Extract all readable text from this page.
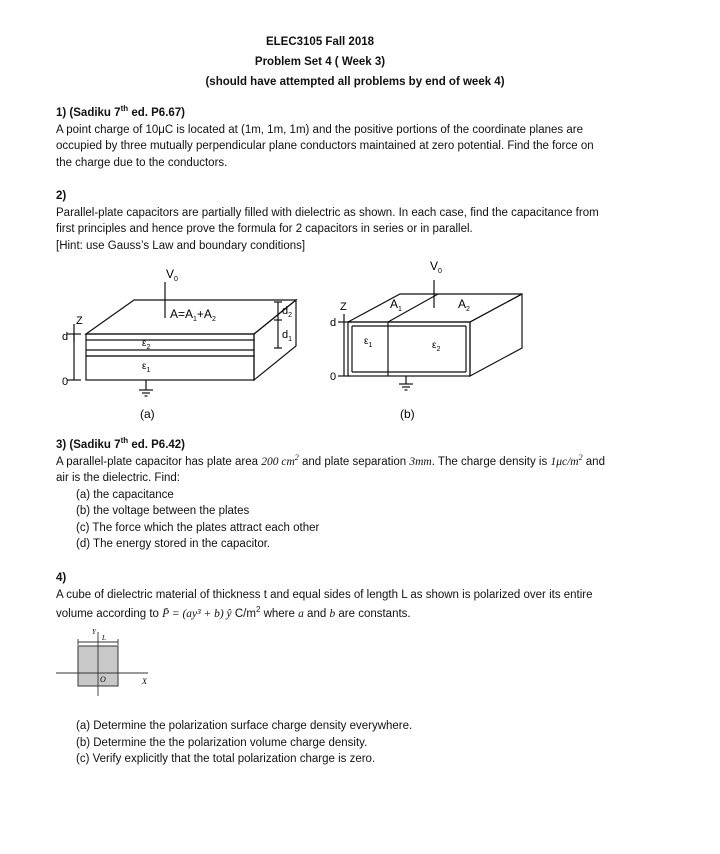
ELEC3105 Fall 2018
Problem Set 4 ( Week 3)
(should have attempted all problems by end of week 4)
1) (Sadiku 7th ed. P6.67)
A point charge of 10μC is located at (1m, 1m, 1m) and the positive portions of the coordinate planes are
occupied by three mutually perpendicular plane conductors maintained at zero potential. Find the force on
the charge due to the conductors.
2)
Parallel-plate capacitors are partially filled with dielectric as shown. In each case, find the capacitance from
first principles and hence prove the formula for 2 capacitors in series or in parallel.
[Hint: use Gauss’s Law and boundary conditions]
$V_0$
$A=A_1+A_2$
Z
d
0
$\varepsilon_2$
$\varepsilon_1$
$d_2$
$d_1$
(a)
$V_0$
$A_1$	$A_2$
Z
d
0
$\varepsilon_1$	$\varepsilon_2$
(b)
3) (Sadiku 7th ed. P6.42)
A parallel-plate capacitor has plate area 200 $cm^2$ and plate separation 3mm. The charge density is $1\mu c/m^2$ and
air is the dielectric. Find:
(a) the capacitance
(b) the voltage between the plates
(c) The force which the plates attract each other
(d) The energy stored in the capacitor.
4)
A cube of dielectric material of thickness t and equal sides of length L as shown is polarized over its entire
volume according to P̄ = (ay³ + b) ŷ $C/m^2$ where a and b are constants.
Y
L
O	X
(a) Determine the polarization surface charge density everywhere.
(b) Determine the the polarization volume charge density.
(c) Verify explicitly that the total polarization charge is zero.
